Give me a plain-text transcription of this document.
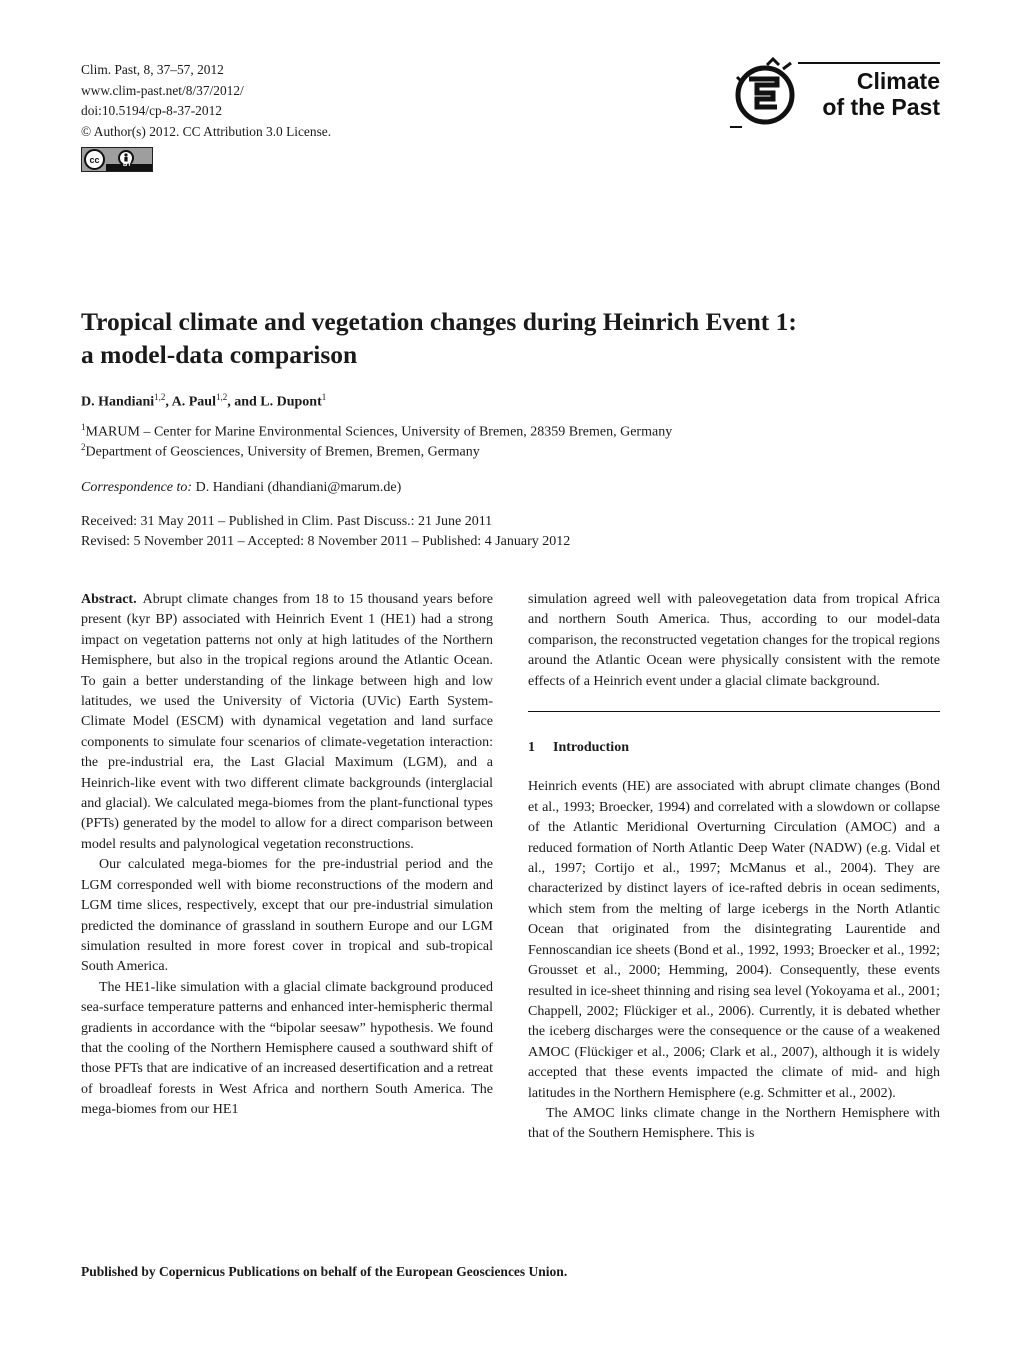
Clim. Past, 8, 37–57, 2012
www.clim-past.net/8/37/2012/
doi:10.5194/cp-8-37-2012
© Author(s) 2012. CC Attribution 3.0 License.
cc
BY
Climate
of the Past
Tropical climate and vegetation changes during Heinrich Event 1:
a model-data comparison
D. Handiani$^{1,2}$, A. Paul$^{1,2}$, and L. Dupont$^1$
$^1$MARUM – Center for Marine Environmental Sciences, University of Bremen, 28359 Bremen, Germany
$^2$Department of Geosciences, University of Bremen, Bremen, Germany
Correspondence to: D. Handiani (dhandiani@marum.de)
Received: 31 May 2011 – Published in Clim. Past Discuss.: 21 June 2011
Revised: 5 November 2011 – Accepted: 8 November 2011 – Published: 4 January 2012

Abstract. Abrupt climate changes from 18 to 15 thousand years before present (kyr BP) associated with Heinrich Event 1 (HE1) had a strong impact on vegetation patterns not only at high latitudes of the Northern Hemisphere, but also in the tropical regions around the Atlantic Ocean. To gain a better understanding of the linkage between high and low latitudes, we used the University of Victoria (UVic) Earth System-Climate Model (ESCM) with dynamical vegetation and land surface components to simulate four scenarios of climate-vegetation interaction: the pre-industrial era, the Last Glacial Maximum (LGM), and a Heinrich-like event with two different climate backgrounds (interglacial and glacial). We calculated mega-biomes from the plant-functional types (PFTs) generated by the model to allow for a direct comparison between model results and palynological vegetation reconstructions.

Our calculated mega-biomes for the pre-industrial period and the LGM corresponded well with biome reconstructions of the modern and LGM time slices, respectively, except that our pre-industrial simulation predicted the dominance of grassland in southern Europe and our LGM simulation resulted in more forest cover in tropical and sub-tropical South America.

The HE1-like simulation with a glacial climate background produced sea-surface temperature patterns and enhanced inter-hemispheric thermal gradients in accordance with the “bipolar seesaw” hypothesis. We found that the cooling of the Northern Hemisphere caused a southward shift of those PFTs that are indicative of an increased desertification and a retreat of broadleaf forests in West Africa and northern South America. The mega-biomes from our HE1

simulation agreed well with paleovegetation data from tropical Africa and northern South America. Thus, according to our model-data comparison, the reconstructed vegetation changes for the tropical regions around the Atlantic Ocean were physically consistent with the remote effects of a Heinrich event under a glacial climate background.

1 Introduction

Heinrich events (HE) are associated with abrupt climate changes (Bond et al., 1993; Broecker, 1994) and correlated with a slowdown or collapse of the Atlantic Meridional Overturning Circulation (AMOC) and a reduced formation of North Atlantic Deep Water (NADW) (e.g. Vidal et al., 1997; Cortijo et al., 1997; McManus et al., 2004). They are characterized by distinct layers of ice-rafted debris in ocean sediments, which stem from the melting of large icebergs in the North Atlantic Ocean that originated from the disintegrating Laurentide and Fennoscandian ice sheets (Bond et al., 1992, 1993; Broecker et al., 1992; Grousset et al., 2000; Hemming, 2004). Consequently, these events resulted in ice-sheet thinning and rising sea level (Yokoyama et al., 2001; Chappell, 2002; Flückiger et al., 2006). Currently, it is debated whether the iceberg discharges were the consequence or the cause of a weakened AMOC (Flückiger et al., 2006; Clark et al., 2007), although it is widely accepted that these events impacted the climate of mid- and high latitudes in the Northern Hemisphere (e.g. Schmitter et al., 2002).

The AMOC links climate change in the Northern Hemisphere with that of the Southern Hemisphere. This is

Published by Copernicus Publications on behalf of the European Geosciences Union.
